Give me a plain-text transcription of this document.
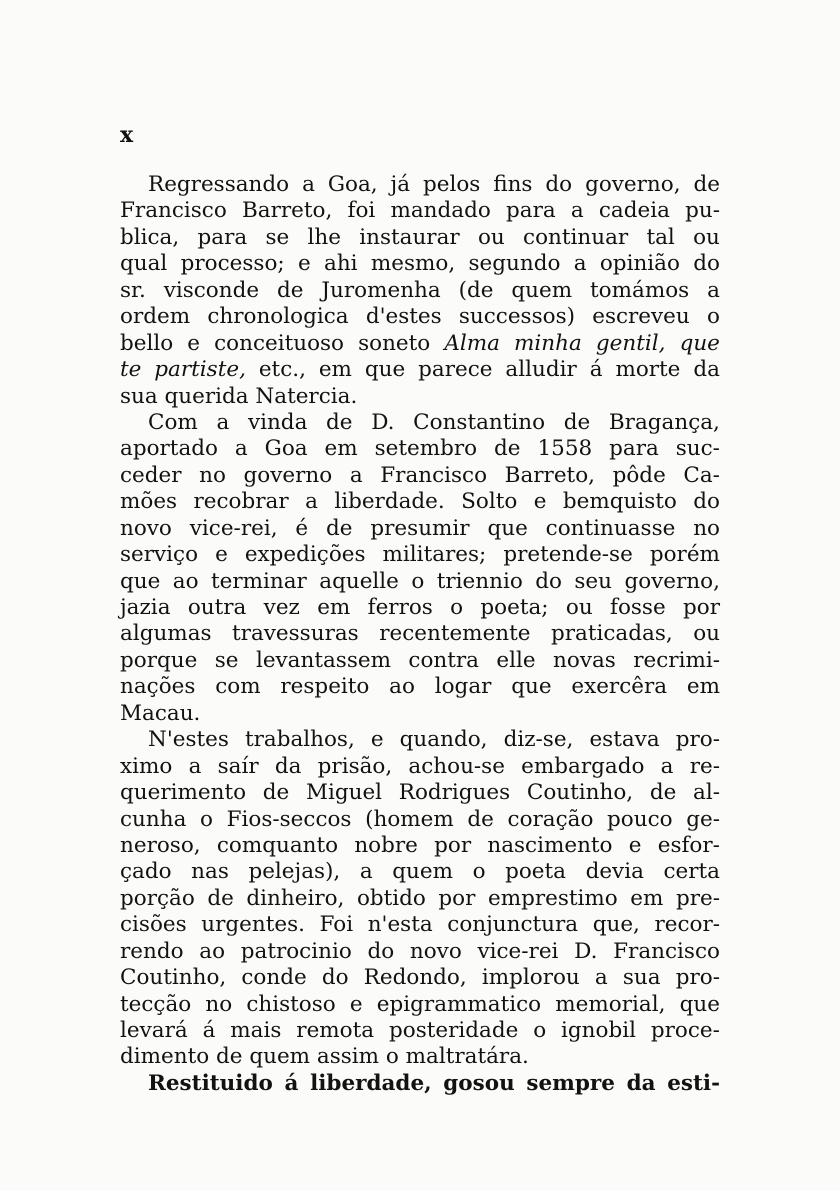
x
Regressando a Goa, já pelos fins do governo, de
Francisco Barreto, foi mandado para a cadeia pu-
blica, para se lhe instaurar ou continuar tal ou
qual processo; e ahi mesmo, segundo a opinião do
sr. visconde de Juromenha (de quem tomámos a
ordem chronologica d'estes successos) escreveu o
bello e conceituoso soneto Alma minha gentil, que
te partiste, etc., em que parece alludir á morte da
sua querida Natercia.
Com a vinda de D. Constantino de Bragança,
aportado a Goa em setembro de 1558 para suc-
ceder no governo a Francisco Barreto, pôde Ca-
mões recobrar a liberdade. Solto e bemquisto do
novo vice-rei, é de presumir que continuasse no
serviço e expedições militares; pretende-se porém
que ao terminar aquelle o triennio do seu governo,
jazia outra vez em ferros o poeta; ou fosse por
algumas travessuras recentemente praticadas, ou
porque se levantassem contra elle novas recrimi-
nações com respeito ao logar que exercêra em
Macau.
N'estes trabalhos, e quando, diz-se, estava pro-
ximo a saír da prisão, achou-se embargado a re-
querimento de Miguel Rodrigues Coutinho, de al-
cunha o Fios-seccos (homem de coração pouco ge-
neroso, comquanto nobre por nascimento e esfor-
çado nas pelejas), a quem o poeta devia certa
porção de dinheiro, obtido por emprestimo em pre-
cisões urgentes. Foi n'esta conjunctura que, recor-
rendo ao patrocinio do novo vice-rei D. Francisco
Coutinho, conde do Redondo, implorou a sua pro-
tecção no chistoso e epigrammatico memorial, que
levará á mais remota posteridade o ignobil proce-
dimento de quem assim o maltratára.
Restituido á liberdade, gosou sempre da esti-
